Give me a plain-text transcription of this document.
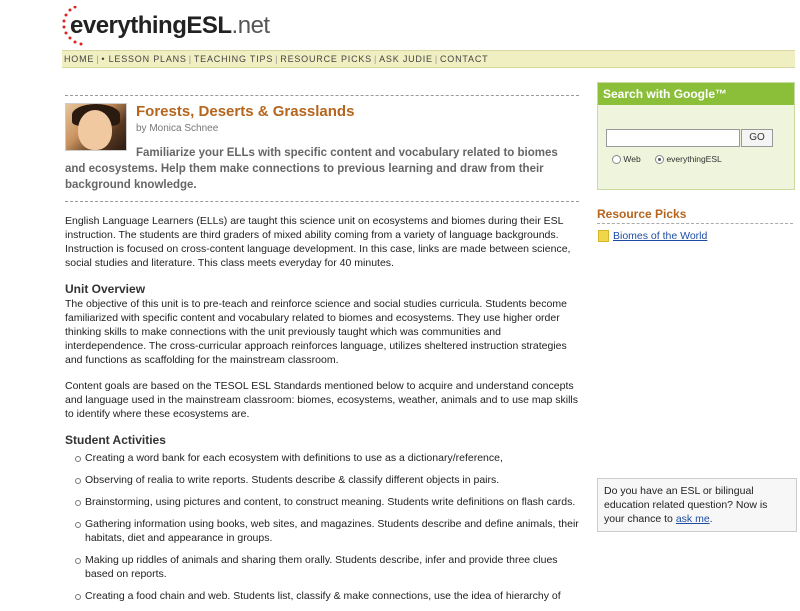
everythingESL.net
HOME | • LESSON PLANS | TEACHING TIPS | RESOURCE PICKS | ASK JUDIE | CONTACT
Forests, Deserts & Grasslands
by Monica Schnee

Familiarize your ELLs with specific content and vocabulary related to biomes and ecosystems. Help them make connections to previous learning and draw from their background knowledge.

English Language Learners (ELLs) are taught this science unit on ecosystems and biomes during their ESL instruction. The students are third graders of mixed ability coming from a variety of language backgrounds. Instruction is focused on cross-content language development. In this case, links are made between science, social studies and literature. This class meets everyday for 40 minutes.

Unit Overview

The objective of this unit is to pre-teach and reinforce science and social studies curricula. Students become familiarized with specific content and vocabulary related to biomes and ecosystems. They use higher order thinking skills to make connections with the unit previously taught which was communities and interdependence. The cross-curricular approach reinforces language, utilizes sheltered instruction strategies and functions as scaffolding for the mainstream classroom.

Content goals are based on the TESOL ESL Standards mentioned below to acquire and understand concepts and language used in the mainstream classroom: biomes, ecosystems, weather, animals and to use map skills to identify where these ecosystems are.

Student Activities
Creating a word bank for each ecosystem with definitions to use as a dictionary/reference,
Observing of realia to write reports. Students describe & classify different objects in pairs.
Brainstorming, using pictures and content, to construct meaning. Students write definitions on flash cards.
Gathering information using books, web sites, and magazines. Students describe and define animals, their habitats, diet and appearance in groups.
Making up riddles of animals and sharing them orally. Students describe, infer and provide three clues based on reports.
Creating a food chain and web. Students list, classify & make connections, use the idea of hierarchy of
Search with Google™
GO
Web	everythingESL
Resource Picks
Biomes of the World
Do you have an ESL or bilingual education related question? Now is your chance to ask me.
